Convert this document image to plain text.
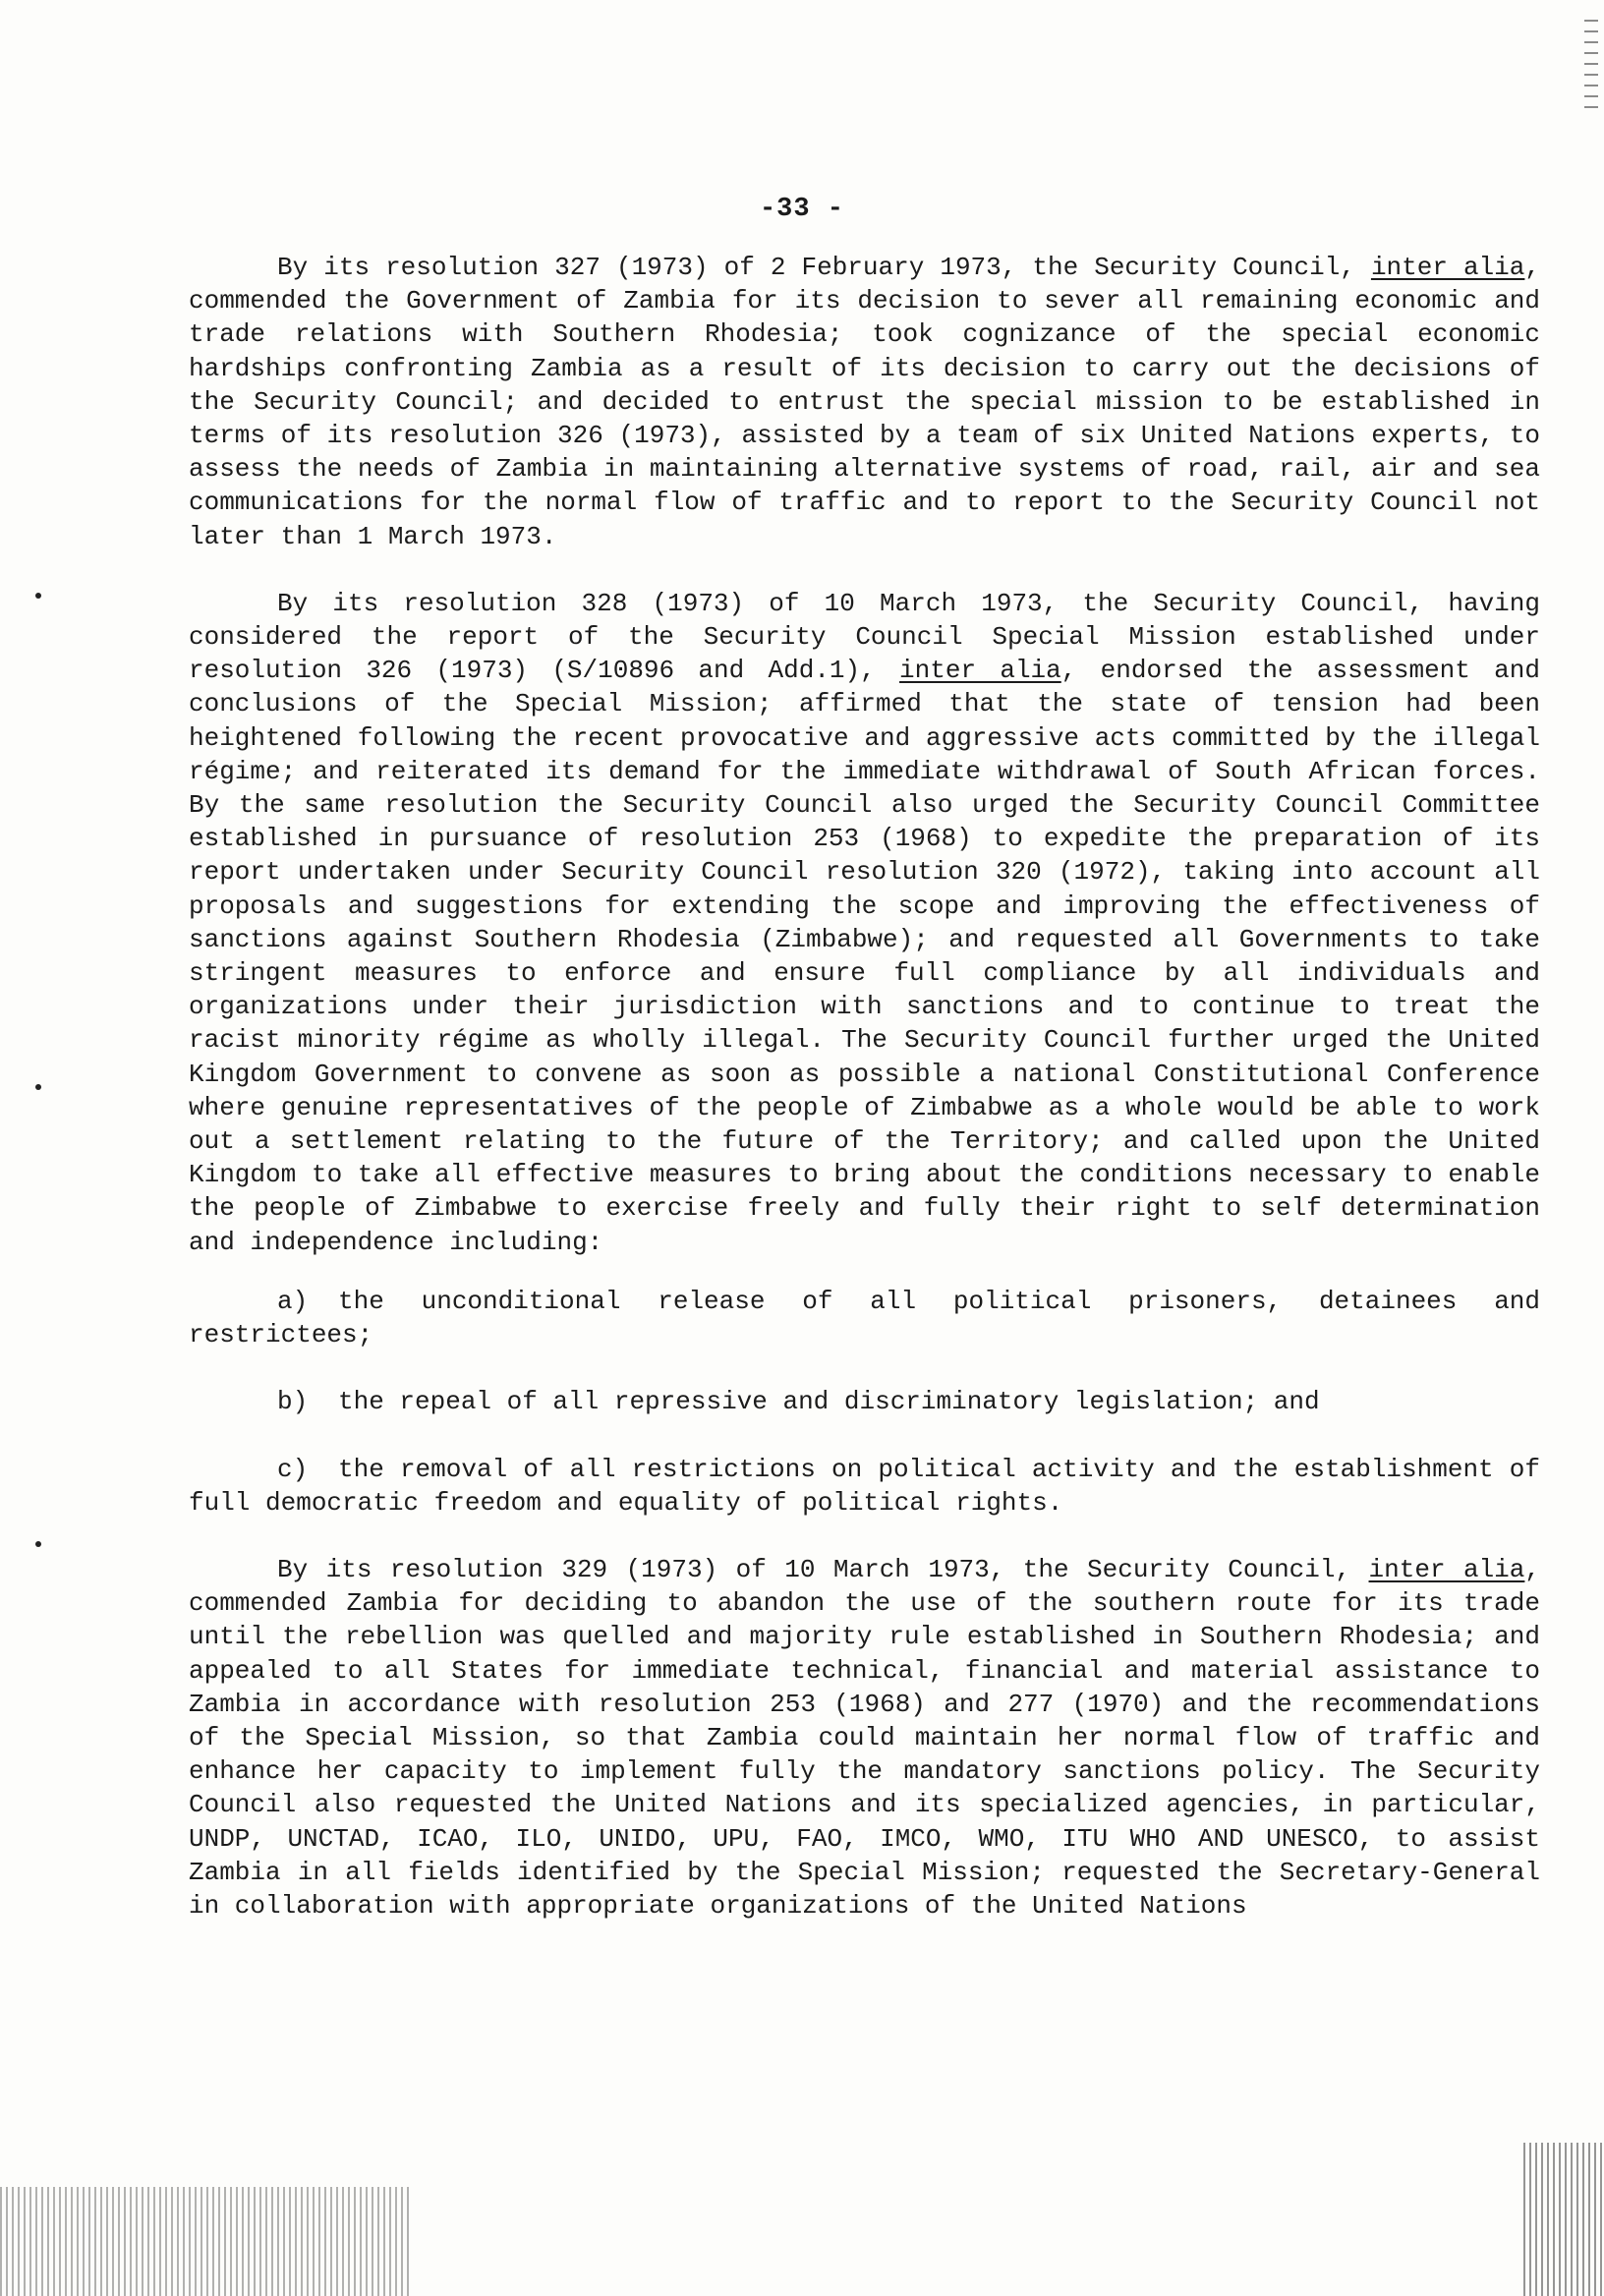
-33 -

By its resolution 327 (1973) of 2 February 1973, the Security Council, inter alia, commended the Government of Zambia for its decision to sever all remaining economic and trade relations with Southern Rhodesia; took cognizance of the special economic hardships confronting Zambia as a result of its decision to carry out the decisions of the Security Council; and decided to entrust the special mission to be established in terms of its resolution 326 (1973), assisted by a team of six United Nations experts, to assess the needs of Zambia in maintaining alternative systems of road, rail, air and sea communications for the normal flow of traffic and to report to the Security Council not later than 1 March 1973.

By its resolution 328 (1973) of 10 March 1973, the Security Council, having considered the report of the Security Council Special Mission established under resolution 326 (1973) (S/10896 and Add.1), inter alia, endorsed the assessment and conclusions of the Special Mission; affirmed that the state of tension had been heightened following the recent provocative and aggressive acts committed by the illegal régime; and reiterated its demand for the immediate withdrawal of South African forces. By the same resolution the Security Council also urged the Security Council Committee established in pursuance of resolution 253 (1968) to expedite the preparation of its report undertaken under Security Council resolution 320 (1972), taking into account all proposals and suggestions for extending the scope and improving the effectiveness of sanctions against Southern Rhodesia (Zimbabwe); and requested all Governments to take stringent measures to enforce and ensure full compliance by all individuals and organizations under their jurisdiction with sanctions and to continue to treat the racist minority régime as wholly illegal. The Security Council further urged the United Kingdom Government to convene as soon as possible a national Constitutional Conference where genuine representatives of the people of Zimbabwe as a whole would be able to work out a settlement relating to the future of the Territory; and called upon the United Kingdom to take all effective measures to bring about the conditions necessary to enable the people of Zimbabwe to exercise freely and fully their right to self determination and independence including:

a) the unconditional release of all political prisoners, detainees and restrictees;

b) the repeal of all repressive and discriminatory legislation; and

c) the removal of all restrictions on political activity and the establishment of full democratic freedom and equality of political rights.

By its resolution 329 (1973) of 10 March 1973, the Security Council, inter alia, commended Zambia for deciding to abandon the use of the southern route for its trade until the rebellion was quelled and majority rule established in Southern Rhodesia; and appealed to all States for immediate technical, financial and material assistance to Zambia in accordance with resolution 253 (1968) and 277 (1970) and the recommendations of the Special Mission, so that Zambia could maintain her normal flow of traffic and enhance her capacity to implement fully the mandatory sanctions policy. The Security Council also requested the United Nations and its specialized agencies, in particular, UNDP, UNCTAD, ICAO, ILO, UNIDO, UPU, FAO, IMCO, WMO, ITU WHO AND UNESCO, to assist Zambia in all fields identified by the Special Mission; requested the Secretary-General in collaboration with appropriate organizations of the United Nations
